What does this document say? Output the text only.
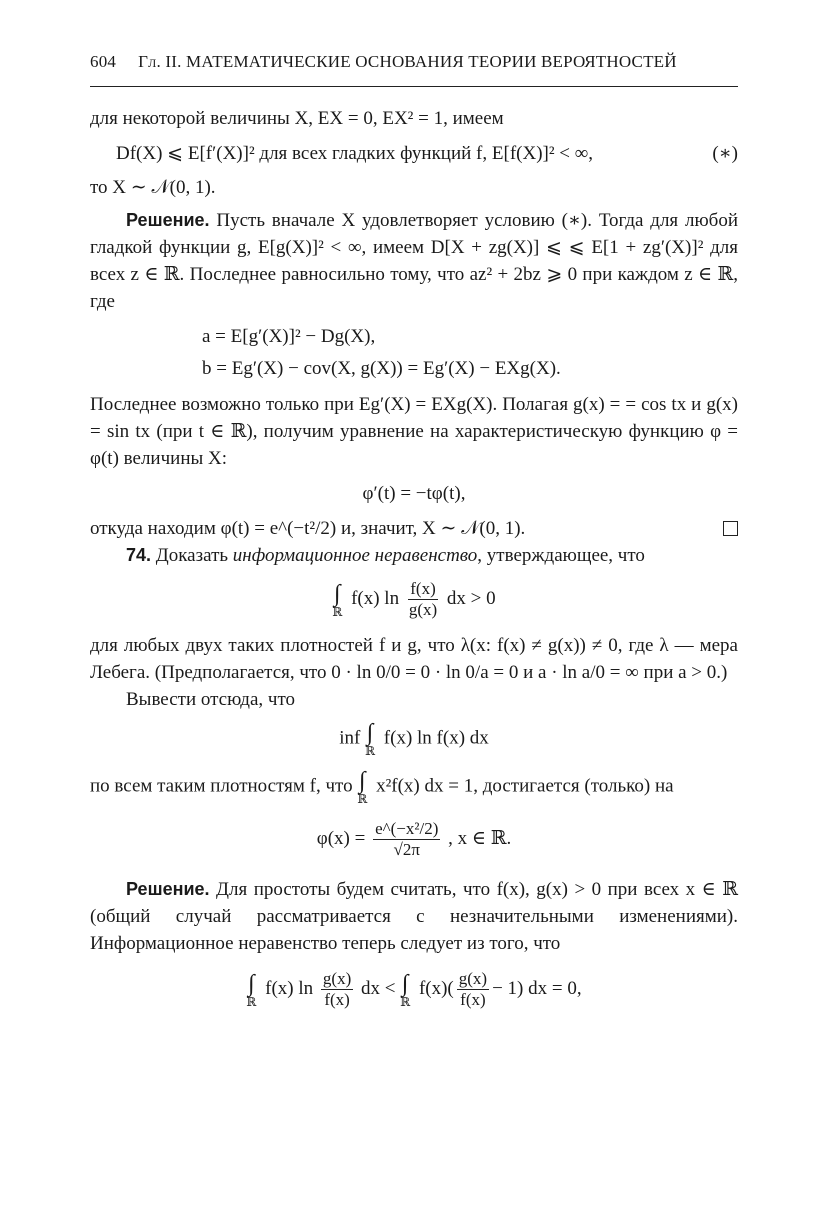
604 Гл. II. МАТЕМАТИЧЕСКИЕ ОСНОВАНИЯ ТЕОРИИ ВЕРОЯТНОСТЕЙ

для некоторой величины X, EX = 0, EX² = 1, имеем

Df(X) ⩽ E[f′(X)]² для всех гладких функций f, E[f(X)]² < ∞,	(∗)

то X ∼ 𝒩(0, 1).

Решение. Пусть вначале X удовлетворяет условию (∗). Тогда для любой гладкой функции g, E[g(X)]² < ∞, имеем D[X + zg(X)] ⩽ ⩽ E[1 + zg′(X)]² для всех z ∈ ℝ. Последнее равносильно тому, что az² + 2bz ⩾ 0 при каждом z ∈ ℝ, где

a = E[g′(X)]² − Dg(X),
b = Eg′(X) − cov(X, g(X)) = Eg′(X) − EXg(X).

Последнее возможно только при Eg′(X) = EXg(X). Полагая g(x) = = cos tx и g(x) = sin tx (при t ∈ ℝ), получим уравнение на характеристическую функцию φ = φ(t) величины X:

φ′(t) = −tφ(t),

откуда находим φ(t) = e^(−t²/2) и, значит, X ∼ 𝒩(0, 1).

74. Доказать информационное неравенство, утверждающее, что

∫
ℝ
f(x) $\ln \frac{f(x)}{g(x)}$ dx > 0

для любых двух таких плотностей f и g, что λ(x: f(x) ≠ g(x)) ≠ 0, где λ — мера Лебега. (Предполагается, что 0 · ln 0/0 = 0 · ln 0/a = 0 и a · ln a/0 = ∞ при a > 0.)

Вывести отсюда, что

inf ∫
ℝ
f(x) ln f(x) dx

по всем таким плотностям f, что ∫
ℝ
x²f(x) dx = 1, достигается (только) на

$\varphi(x) = \frac{\text{e\textasciicircum{}(−x²/2)}}{√2\pi}$ , x ∈ ℝ.

Решение. Для простоты будем считать, что f(x), g(x) > 0 при всех x ∈ ℝ (общий случай рассматривается с незначительными изменениями). Информационное неравенство теперь следует из того, что

∫
ℝ
f(x) $\ln \frac{g(x)}{f(x)}$ dx < ∫
ℝ
$f(x)( \frac{g(x)}{f(x)} - 1)$ dx = 0,
